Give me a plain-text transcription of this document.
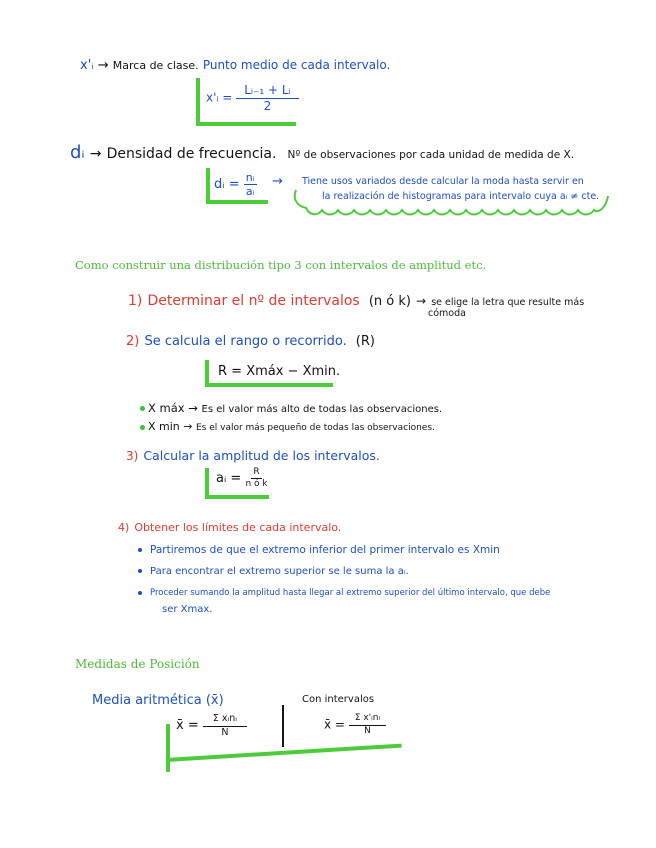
x'ᵢ → Marca de clase. Punto medio de cada intervalo.
x'ᵢ = $\frac{\text{Lᵢ₋₁ + Lᵢ}}{2}$
dᵢ → Densidad de frecuencia. Nº de observaciones por cada unidad de medida de X.
dᵢ = $\frac{\text{nᵢ}}{\text{aᵢ}}$ → Tiene usos variados desde calcular la moda hasta servir en
la realización de histogramas para intervalo cuya aᵢ ≠ cte.
Como construir una distribución tipo 3 con intervalos de amplitud etc.
1) Determinar el nº de intervalos (n ó k) → se elige la letra que resulte más
cómoda
2) Se calcula el rango o recorrido. (R)
R = Xmáx − Xmin.
X máx → Es el valor más alto de todas las observaciones.
X min → Es el valor más pequeño de todas las observaciones.
3) Calcular la amplitud de los intervalos.
aᵢ = $\frac{R}{\text{n ó k}}$
4) Obtener los límites de cada intervalo.
Partiremos de que el extremo inferior del primer intervalo es Xmin
Para encontrar el extremo superior se le suma la aᵢ.
Proceder sumando la amplitud hasta llegar al extremo superior del último intervalo, que debe
ser Xmax.
Medidas de Posición
Media aritmética (x̄)
x̄ = $\frac{\text{Σ xᵢnᵢ}}{N}$
Con intervalos
x̄ = $\frac{\text{Σ x'ᵢnᵢ}}{N}$
